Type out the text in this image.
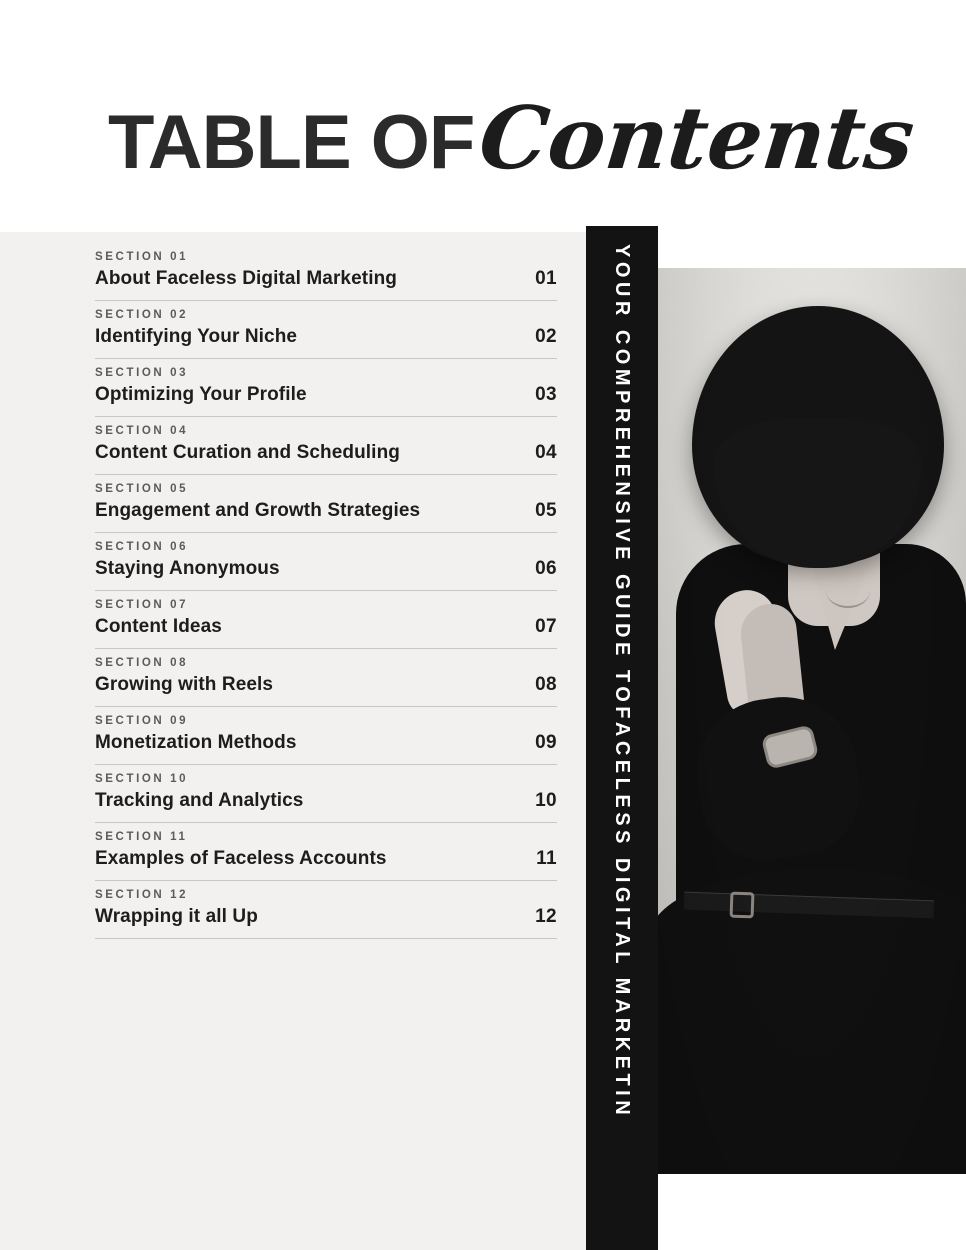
TABLE OF Contents
SECTION 01
About Faceless Digital Marketing	01
SECTION 02
Identifying Your Niche	02
SECTION 03
Optimizing Your Profile	03
SECTION 04
Content Curation and Scheduling	04
SECTION 05
Engagement and Growth Strategies	05
SECTION 06
Staying Anonymous	06
SECTION 07
Content Ideas	07
SECTION 08
Growing with Reels	08
SECTION 09
Monetization Methods	09
SECTION 10
Tracking and Analytics	10
SECTION 11
Examples of Faceless Accounts	11
SECTION 12
Wrapping it all Up	12	YOUR COMPREHENSIVE GUIDE TOFACELESS DIGITAL MARKETIN
